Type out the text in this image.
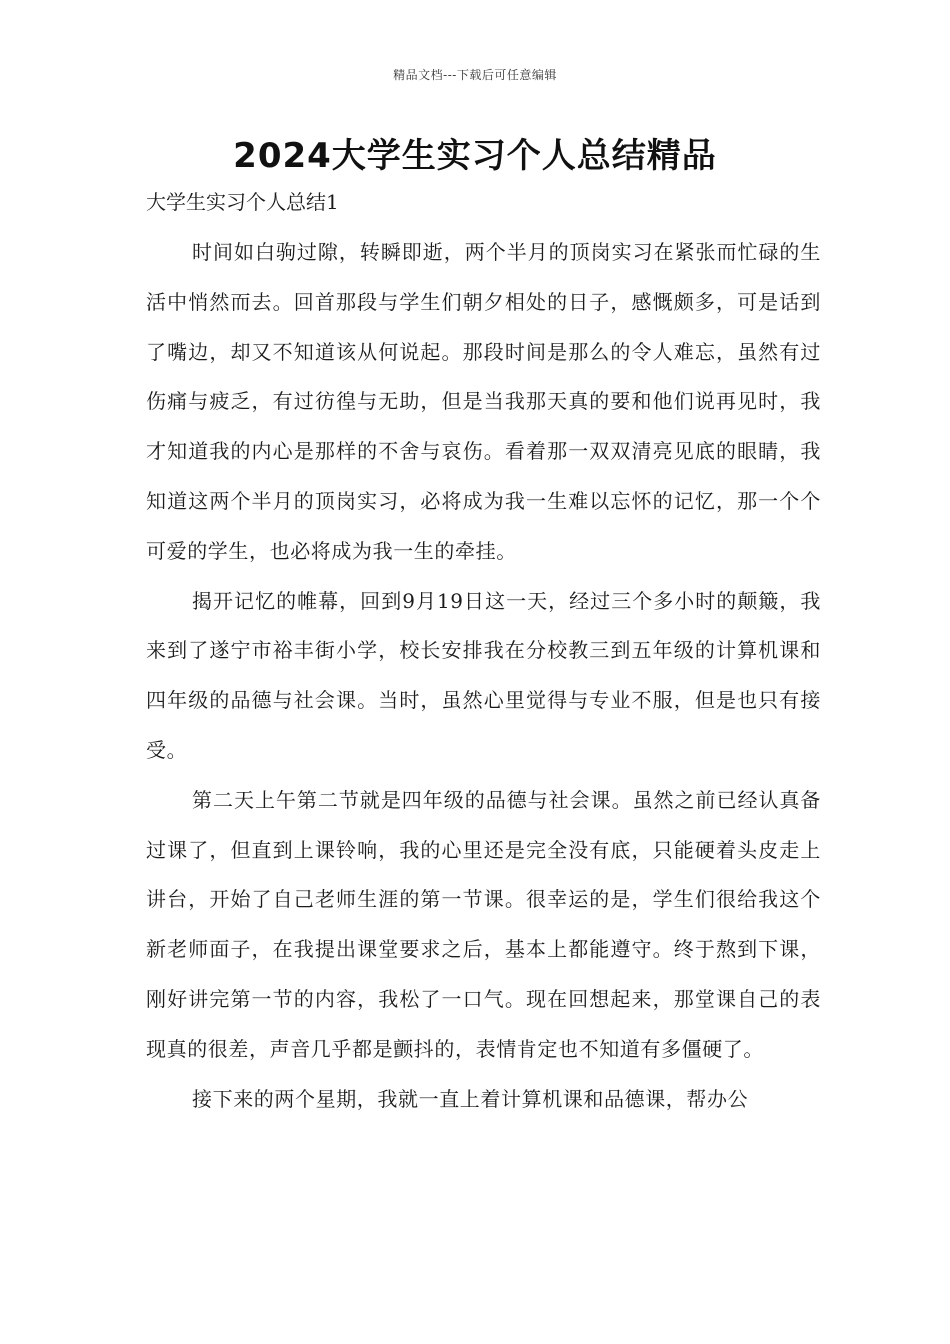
精品文档---下载后可任意编辑
2024大学生实习个人总结精品
大学生实习个人总结1

时间如白驹过隙，转瞬即逝，两个半月的顶岗实习在紧张而忙碌的生活中悄然而去。回首那段与学生们朝夕相处的日子，感慨颇多，可是话到了嘴边，却又不知道该从何说起。那段时间是那么的令人难忘，虽然有过伤痛与疲乏，有过彷徨与无助，但是当我那天真的要和他们说再见时，我才知道我的内心是那样的不舍与哀伤。看着那一双双清亮见底的眼睛，我知道这两个半月的顶岗实习，必将成为我一生难以忘怀的记忆，那一个个可爱的学生，也必将成为我一生的牵挂。

揭开记忆的帷幕，回到9月19日这一天，经过三个多小时的颠簸，我来到了遂宁市裕丰街小学，校长安排我在分校教三到五年级的计算机课和四年级的品德与社会课。当时，虽然心里觉得与专业不服，但是也只有接受。

第二天上午第二节就是四年级的品德与社会课。虽然之前已经认真备过课了，但直到上课铃响，我的心里还是完全没有底，只能硬着头皮走上讲台，开始了自己老师生涯的第一节课。很幸运的是，学生们很给我这个新老师面子，在我提出课堂要求之后，基本上都能遵守。终于熬到下课，刚好讲完第一节的内容，我松了一口气。现在回想起来，那堂课自己的表现真的很差，声音几乎都是颤抖的，表情肯定也不知道有多僵硬了。

接下来的两个星期，我就一直上着计算机课和品德课，帮办公
